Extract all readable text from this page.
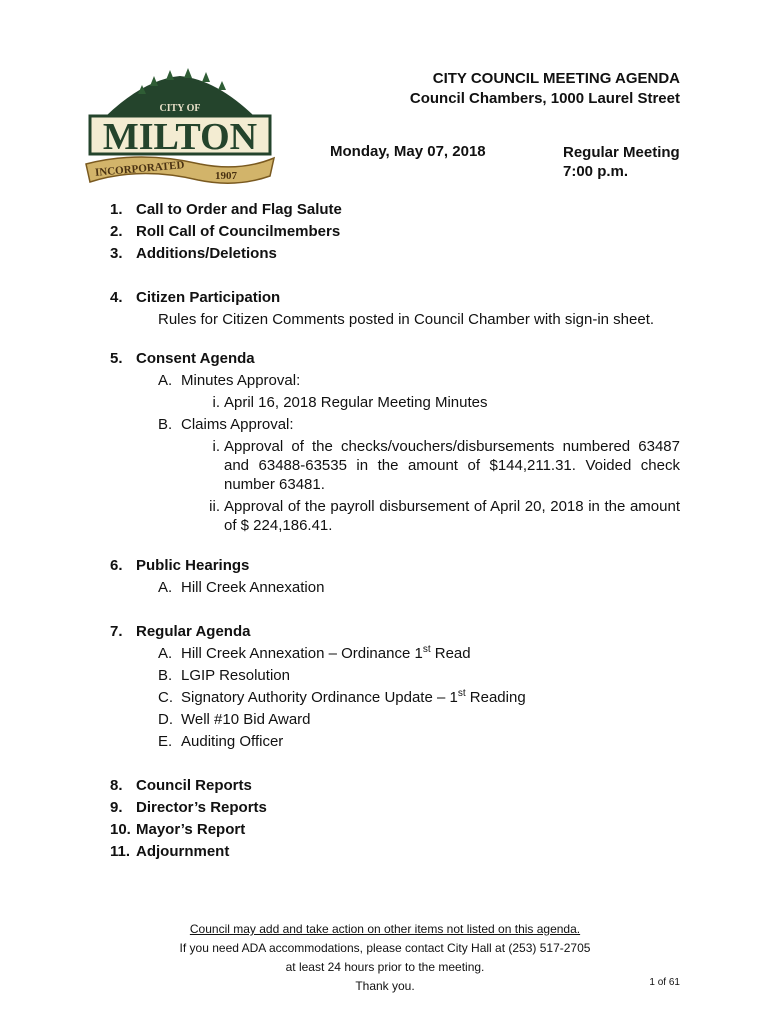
CITY OF
MILTON
INCORPORATED	1907
CITY COUNCIL MEETING AGENDA
Council Chambers, 1000 Laurel Street
Monday, May 07, 2018	Regular Meeting
7:00 p.m.
1. Call to Order and Flag Salute
2. Roll Call of Councilmembers
3. Additions/Deletions
4. Citizen Participation
Rules for Citizen Comments posted in Council Chamber with sign-in sheet.
5. Consent Agenda
A. Minutes Approval:
i. April 16, 2018 Regular Meeting Minutes
B. Claims Approval:
i. Approval of the checks/vouchers/disbursements numbered 63487 and 63488-63535 in the amount of $144,211.31. Voided check number 63481.
ii. Approval of the payroll disbursement of April 20, 2018 in the amount of $ 224,186.41.
6. Public Hearings
A. Hill Creek Annexation
7. Regular Agenda
A. Hill Creek Annexation – Ordinance 1st Read
B. LGIP Resolution
C. Signatory Authority Ordinance Update – 1st Reading
D. Well #10 Bid Award
E. Auditing Officer
8. Council Reports
9. Director’s Reports
10. Mayor’s Report
11. Adjournment
Council may add and take action on other items not listed on this agenda.
If you need ADA accommodations, please contact City Hall at (253) 517-2705
at least 24 hours prior to the meeting.
Thank you.	1 of 61
